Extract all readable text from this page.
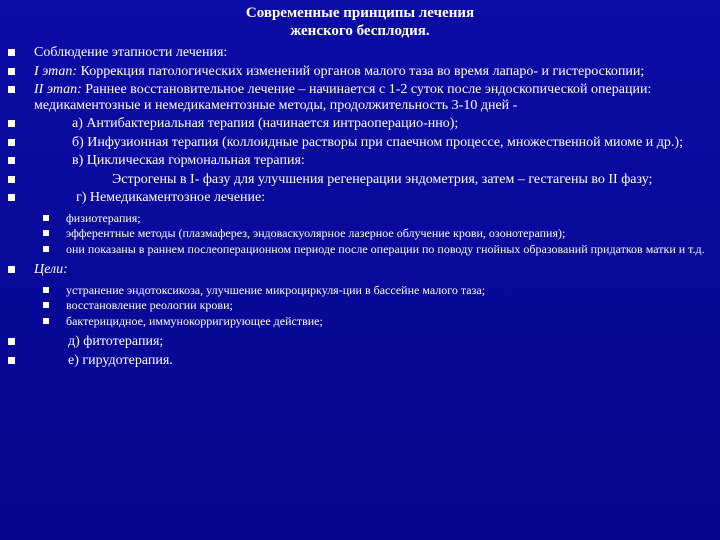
Современные принципы лечения
женского бесплодия.
Соблюдение этапности лечения:
I этап: Коррекция патологических изменений органов малого таза во время лапаро- и гистероскопии;
II этап: Раннее восстановительное лечение – начинается с 1-2 суток после эндоскопической операции: медикаментозные и немедикаментозные методы, продолжительность 3-10 дней -
а) Антибактериальная терапия (начинается интраоперацио-нно);
б) Инфузионная терапия (коллоидные растворы при спаечном процессе, множественной миоме и др.);
в) Циклическая гормональная терапия:
Эстрогены в I- фазу для улучшения регенерации эндометрия, затем – гестагены во II фазу;
г) Немедикаментозное лечение:
физиотерапия;
эфферентные методы (плазмаферез, эндоваскуолярное лазерное облучение крови, озонотерапия);
они показаны в раннем послеоперационном периоде после операции по поводу гнойных образований придатков матки и т.д.
Цели:
устранение эндотоксикоза, улучшение микроциркуля-ции в бассейне малого таза;
восстановление реологии крови;
бактерицидное, иммунокорригирующее действие;
д) фитотерапия;
е) гирудотерапия.
